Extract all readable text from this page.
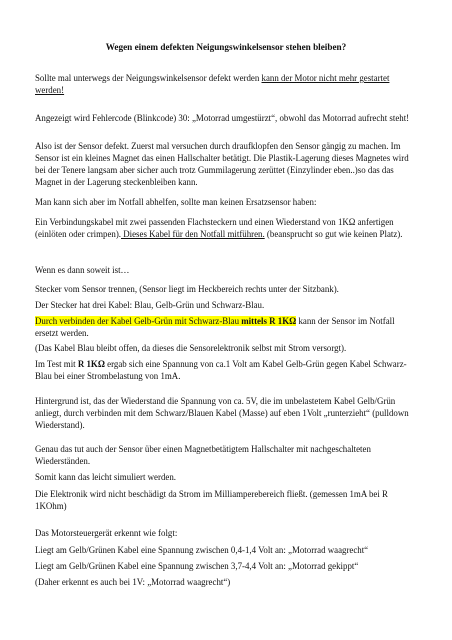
Wegen einem defekten Neigungswinkelsensor stehen bleiben?
Sollte mal unterwegs der Neigungswinkelsensor defekt werden kann der Motor nicht mehr gestartet werden!
Angezeigt wird Fehlercode (Blinkcode) 30: „Motorrad umgestürzt“, obwohl das Motorrad aufrecht steht!
Also ist der Sensor defekt. Zuerst mal versuchen durch draufklopfen den Sensor gängig zu machen. Im Sensor ist ein kleines Magnet das einen Hallschalter betätigt. Die Plastik-Lagerung dieses Magnetes wird bei der Tenere langsam aber sicher auch trotz Gummilagerung zerüttet (Einzylinder eben..)so das das Magnet in der Lagerung steckenbleiben kann.
Man kann sich aber im Notfall abhelfen, sollte man keinen Ersatzsensor haben:
Ein Verbindungskabel mit zwei passenden Flachsteckern und einen Wiederstand von 1KΩ anfertigen (einlöten oder crimpen). Dieses Kabel für den Notfall mitführen. (beansprucht so gut wie keinen Platz).
Wenn es dann soweit ist…
Stecker vom Sensor trennen, (Sensor liegt im Heckbereich rechts unter der Sitzbank).
Der Stecker hat drei Kabel: Blau, Gelb-Grün und Schwarz-Blau.
Durch verbinden der Kabel Gelb-Grün mit Schwarz-Blau mittels R 1KΩ kann der Sensor im Notfall ersetzt werden.
(Das Kabel Blau bleibt offen, da dieses die Sensorelektronik selbst mit Strom versorgt).
Im Test mit R 1KΩ ergab sich eine Spannung von ca.1 Volt am Kabel Gelb-Grün gegen Kabel Schwarz-Blau bei einer Strombelastung von 1mA.
Hintergrund ist, das der Wiederstand die Spannung von ca. 5V, die im unbelastetem Kabel Gelb/Grün anliegt, durch verbinden mit dem Schwarz/Blauen Kabel (Masse) auf eben 1Volt „runterzieht“ (pulldown Wiederstand).
Genau das tut auch der Sensor über einen Magnetbetätigtem Hallschalter mit nachgeschalteten Wiederständen.
Somit kann das leicht simuliert werden.
Die Elektronik wird nicht beschädigt da Strom im Milliamperebereich fließt. (gemessen 1mA bei R 1KOhm)
Das Motorsteuergerät erkennt wie folgt:
Liegt am Gelb/Grünen Kabel eine Spannung zwischen 0,4-1,4 Volt an: „Motorrad waagrecht“
Liegt am Gelb/Grünen Kabel eine Spannung zwischen 3,7-4,4 Volt an: „Motorrad gekippt“
(Daher erkennt es auch bei 1V: „Motorrad waagrecht“)
